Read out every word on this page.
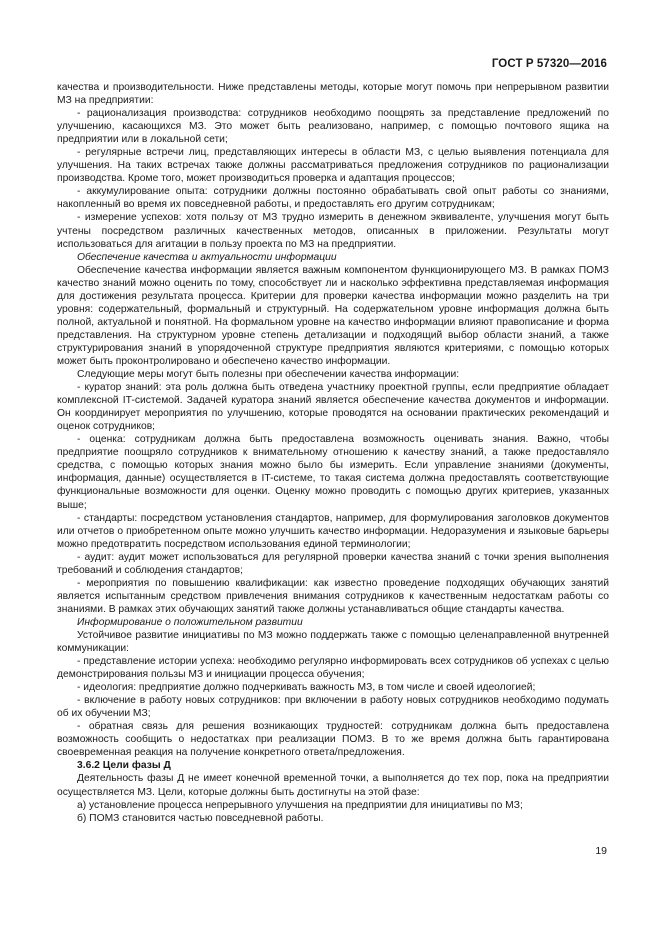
ГОСТ Р 57320—2016

качества и производительности. Ниже представлены методы, которые могут помочь при непрерывном развитии МЗ на предприятии:

- рационализация производства: сотрудников необходимо поощрять за представление предложений по улучшению, касающихся МЗ. Это может быть реализовано, например, с помощью почтового ящика на предприятии или в локальной сети;

- регулярные встречи лиц, представляющих интересы в области МЗ, с целью выявления потенциала для улучшения. На таких встречах также должны рассматриваться предложения сотрудников по рационализации производства. Кроме того, может производиться проверка и адаптация процессов;

- аккумулирование опыта: сотрудники должны постоянно обрабатывать свой опыт работы со знаниями, накопленный во время их повседневной работы, и предоставлять его другим сотрудникам;

- измерение успехов: хотя пользу от МЗ трудно измерить в денежном эквиваленте, улучшения могут быть учтены посредством различных качественных методов, описанных в приложении. Результаты могут использоваться для агитации в пользу проекта по МЗ на предприятии.

Обеспечение качества и актуальности информации

Обеспечение качества информации является важным компонентом функционирующего МЗ. В рамках ПОМЗ качество знаний можно оценить по тому, способствует ли и насколько эффективна представляемая информация для достижения результата процесса. Критерии для проверки качества информации можно разделить на три уровня: содержательный, формальный и структурный. На содержательном уровне информация должна быть полной, актуальной и понятной. На формальном уровне на качество информации влияют правописание и форма представления. На структурном уровне степень детализации и подходящий выбор области знаний, а также структурирования знаний в упорядоченной структуре предприятия являются критериями, с помощью которых может быть проконтролировано и обеспечено качество информации.

Следующие меры могут быть полезны при обеспечении качества информации:

- куратор знаний: эта роль должна быть отведена участнику проектной группы, если предприятие обладает комплексной IT-системой. Задачей куратора знаний является обеспечение качества документов и информации. Он координирует мероприятия по улучшению, которые проводятся на основании практических рекомендаций и оценок сотрудников;

- оценка: сотрудникам должна быть предоставлена возможность оценивать знания. Важно, чтобы предприятие поощряло сотрудников к внимательному отношению к качеству знаний, а также предоставляло средства, с помощью которых знания можно было бы измерить. Если управление знаниями (документы, информация, данные) осуществляется в IT-системе, то такая система должна предоставлять соответствующие функциональные возможности для оценки. Оценку можно проводить с помощью других критериев, указанных выше;

- стандарты: посредством установления стандартов, например, для формулирования заголовков документов или отчетов о приобретенном опыте можно улучшить качество информации. Недоразумения и языковые барьеры можно предотвратить посредством использования единой терминологии;

- аудит: аудит может использоваться для регулярной проверки качества знаний с точки зрения выполнения требований и соблюдения стандартов;

- мероприятия по повышению квалификации: как известно проведение подходящих обучающих занятий является испытанным средством привлечения внимания сотрудников к качественным недостаткам работы со знаниями. В рамках этих обучающих занятий также должны устанавливаться общие стандарты качества.

Информирование о положительном развитии

Устойчивое развитие инициативы по МЗ можно поддержать также с помощью целенаправленной внутренней коммуникации:

- представление истории успеха: необходимо регулярно информировать всех сотрудников об успехах с целью демонстрирования пользы МЗ и инициации процесса обучения;

- идеология: предприятие должно подчеркивать важность МЗ, в том числе и своей идеологией;

- включение в работу новых сотрудников: при включении в работу новых сотрудников необходимо подумать об их обучении МЗ;

- обратная связь для решения возникающих трудностей: сотрудникам должна быть предоставлена возможность сообщить о недостатках при реализации ПОМЗ. В то же время должна быть гарантирована своевременная реакция на получение конкретного ответа/предложения.

3.6.2 Цели фазы Д

Деятельность фазы Д не имеет конечной временной точки, а выполняется до тех пор, пока на предприятии осуществляется МЗ. Цели, которые должны быть достигнуты на этой фазе:

а) установление процесса непрерывного улучшения на предприятии для инициативы по МЗ;

б) ПОМЗ становится частью повседневной работы.

19
